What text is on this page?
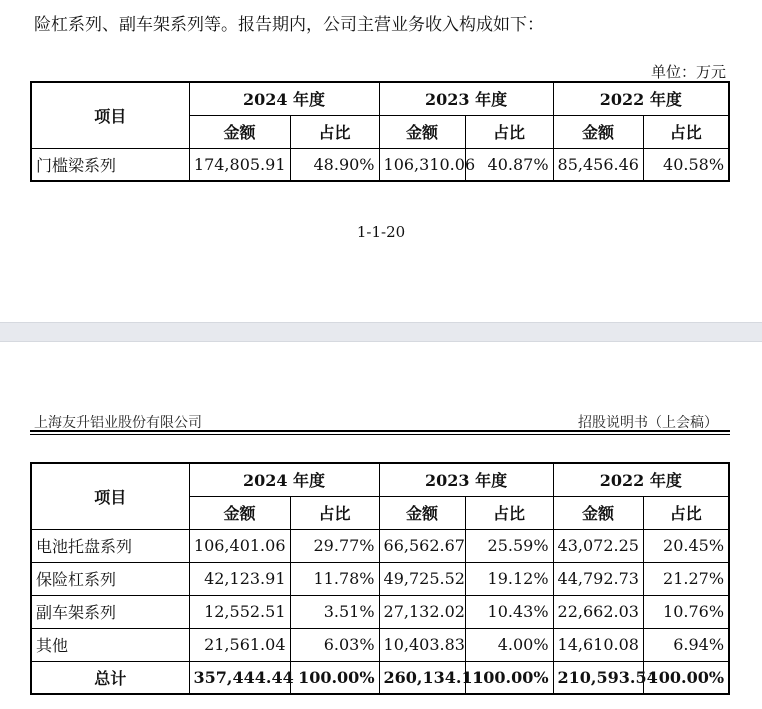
险杠系列、副车架系列等。报告期内，公司主营业务收入构成如下：
单位：万元
项目	2024 年度		2023 年度		2022 年度	
	金额	占比	金额	占比	金额	占比
门槛梁系列	174,805.91	48.90%	106,310.06	40.87%	85,456.46	40.58%
1-1-20
上海友升铝业股份有限公司	招股说明书（上会稿）
项目	2024 年度		2023 年度		2022 年度	
	金额	占比	金额	占比	金额	占比
电池托盘系列	106,401.06	29.77%	66,562.67	25.59%	43,072.25	20.45%
保险杠系列	42,123.91	11.78%	49,725.52	19.12%	44,792.73	21.27%
副车架系列	12,552.51	3.51%	27,132.02	10.43%	22,662.03	10.76%
其他	21,561.04	6.03%	10,403.83	4.00%	14,610.08	6.94%
总计	357,444.44	100.00%	260,134.11	100.00%	210,593.54	100.00%
